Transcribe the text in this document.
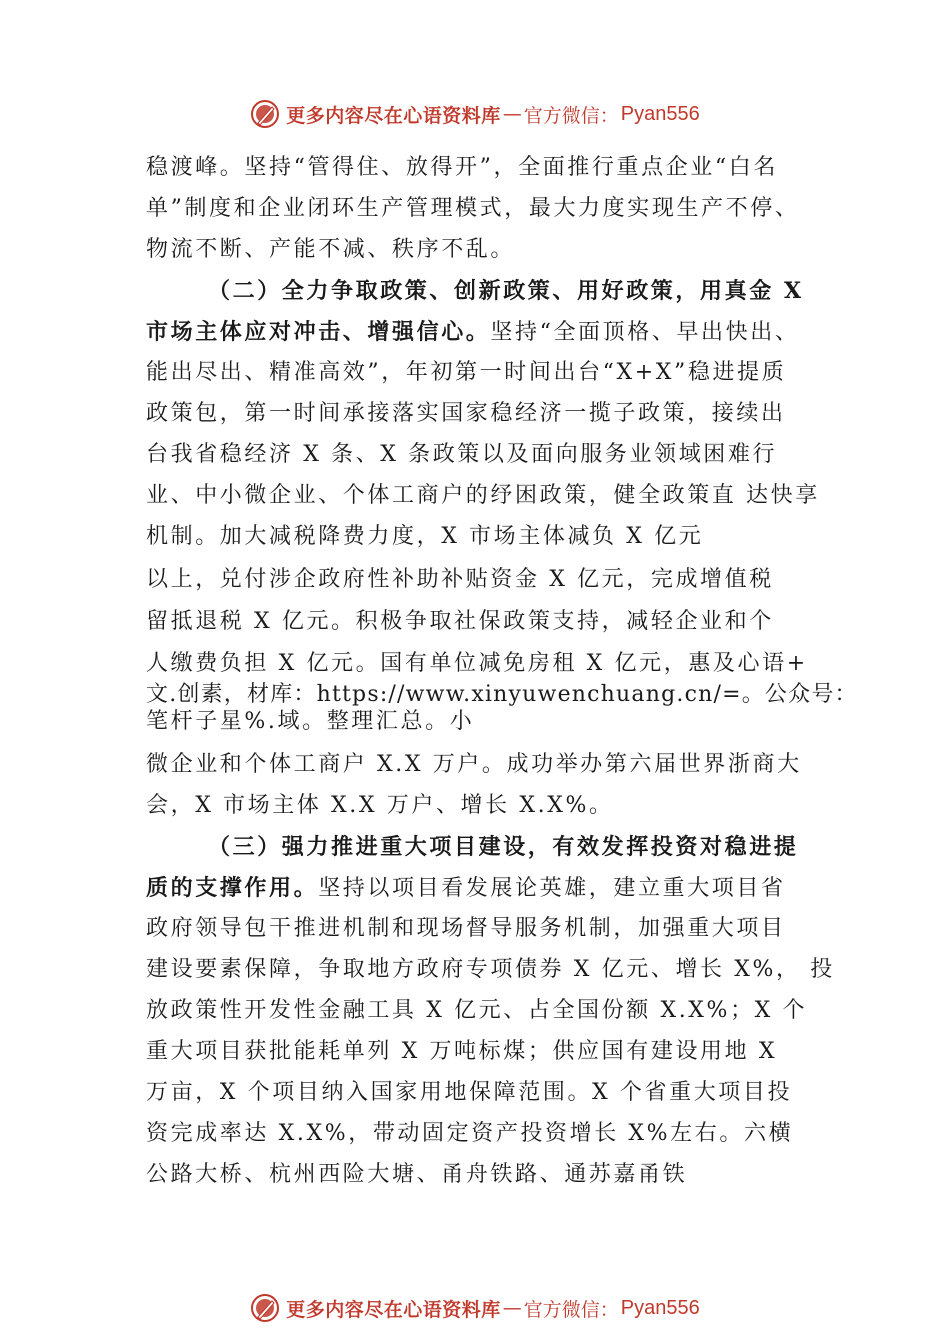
更多内容尽在心语资料库 — 官方微信： Pyan556
稳渡峰。坚持“管得住、放得开”，全面推行重点企业“白名
单”制度和企业闭环生产管理模式，最大力度实现生产不停、
物流不断、产能不减、秩序不乱。
（二）全力争取政策、创新政策、用好政策，用真金 X
市场主体应对冲击、增强信心。坚持“全面顶格、早出快出、
能出尽出、精准高效”，年初第一时间出台“X+X”稳进提质
政策包，第一时间承接落实国家稳经济一揽子政策，接续出
台我省稳经济 X 条、X 条政策以及面向服务业领域困难行
业、中小微企业、个体工商户的纾困政策，健全政策直 达快享
机制。加大减税降费力度，X 市场主体减负 X 亿元
以上，兑付涉企政府性补助补贴资金 X 亿元，完成增值税
留抵退税 X 亿元。积极争取社保政策支持，减轻企业和个
人缴费负担 X 亿元。国有单位减免房租 X 亿元，惠及心语+
文.创素，材库：https://www.xinyuwenchuang.cn/=。公众号：
笔杆子星%.域。整理汇总。小
微企业和个体工商户 X.X 万户。成功举办第六届世界浙商大
会，X 市场主体 X.X 万户、增长 X.X%。
（三）强力推进重大项目建设，有效发挥投资对稳进提
质的支撑作用。坚持以项目看发展论英雄，建立重大项目省
政府领导包干推进机制和现场督导服务机制，加强重大项目
建设要素保障，争取地方政府专项债券 X 亿元、增长 X%， 投
放政策性开发性金融工具 X 亿元、占全国份额 X.X%；X 个
重大项目获批能耗单列 X 万吨标煤；供应国有建设用地 X
万亩，X 个项目纳入国家用地保障范围。X 个省重大项目投
资完成率达 X.X%，带动固定资产投资增长 X%左右。六横
公路大桥、杭州西险大塘、甬舟铁路、通苏嘉甬铁
更多内容尽在心语资料库 — 官方微信： Pyan556
